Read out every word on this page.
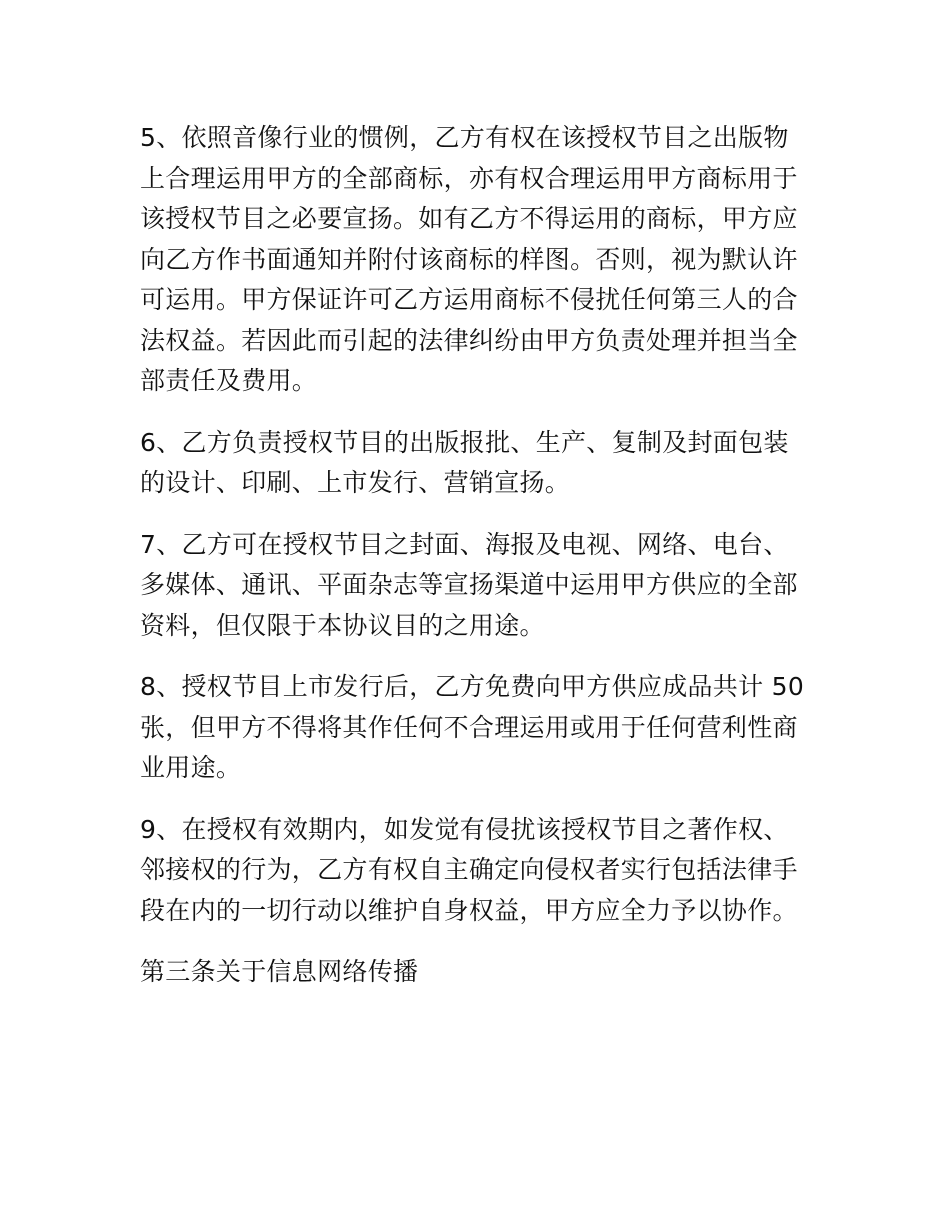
5、依照音像行业的惯例，乙方有权在该授权节目之出版物上合理运用甲方的全部商标，亦有权合理运用甲方商标用于该授权节目之必要宣扬。如有乙方不得运用的商标，甲方应向乙方作书面通知并附付该商标的样图。否则，视为默认许可运用。甲方保证许可乙方运用商标不侵扰任何第三人的合法权益。若因此而引起的法律纠纷由甲方负责处理并担当全部责任及费用。

6、乙方负责授权节目的出版报批、生产、复制及封面包装的设计、印刷、上市发行、营销宣扬。

7、乙方可在授权节目之封面、海报及电视、网络、电台、多媒体、通讯、平面杂志等宣扬渠道中运用甲方供应的全部资料，但仅限于本协议目的之用途。

8、授权节目上市发行后，乙方免费向甲方供应成品共计 50 张，但甲方不得将其作任何不合理运用或用于任何营利性商业用途。

9、在授权有效期内，如发觉有侵扰该授权节目之著作权、邻接权的行为，乙方有权自主确定向侵权者实行包括法律手段在内的一切行动以维护自身权益，甲方应全力予以协作。

第三条关于信息网络传播
